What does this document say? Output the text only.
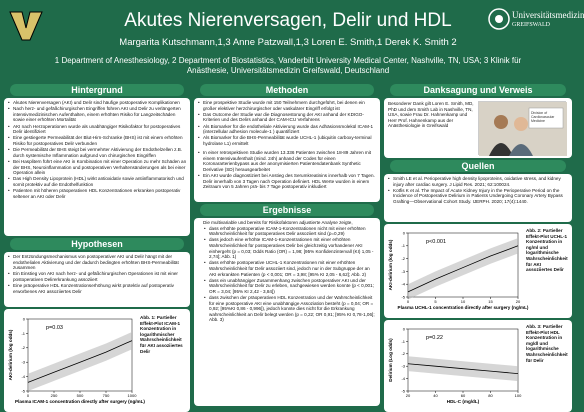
Akutes Nierenversagen, Delir und HDL
Margarita Kutschmann,1,3 Anne Patzwall,1,3 Loren E. Smith,1 Derek K. Smith 2
1 Department of Anesthesiology, 2 Department of Biostatistics, Vanderbilt University Medical Center, Nashville, TN, USA; 3 Klinik für
Anästhesie, Universitätsmedizin Greifswald, Deutschland
Universitätsmedizin
GREIFSWALD
Hintergrund
• Akutes Nierenversagen (AKI) und Delir sind häufige postoperative Komplikationen
• Nach herz- und gefäßchirurgischen Eingriffen führen AKI und Delir zu verlängerten intensivmedizinischen Aufenthalten, einem erhöhten Risiko für Langzeitschäden sowie einer erhöhten Mortalität
• AKI nach Herzoperationen wurde als unabhängiger Risikofaktor für postoperatives Delir identifiziert
• Eine gestiegerte Permeabilität der Blut-Hirn-Schranke (BHS) ist mit einem erhöhten Risiko für postoperatives Delir verbunden
• Die Permeabilität der BHS steigt bei vermehrter Aktivierung der Endothelzellen z.B. durch systemische Inflammation aufgrund von chirurgischen Eingriffen
• Bei Hasplitern führt eine AKI in Kombination mit einer Operation zu mehr Schäden an der BHS, Neuroinflammation und postoperativen Verhaltensänderungen als bei einer Operation allein
• Das High Density Lipoprotein (HDL) wirkt antioxidativ sowie antiinflammatorisch und somit protektiv auf die Endothelfunktion
• Patienten mit höheren präoperativen HDL Konzentrationen erkranken postoperativ seltener an AKI oder Delir
Hypothesen
• Der Entzündungsmechanismus von postoperativer AKI und Delir hängt mit der endothelialen Aktivierung und der dadurch bedingten erhöhten BHS-Permeabilität zusammen
• Ein Einstieg von AKI nach herz- und gefäßchirurgischen Operationen ist mit einer postoperativen Delirerkrankung assoziiert
• Eine präoperative HDL Konzentrationserhöhung wirkt protektiv auf postoperativ erworbenes AKI assoziiertes Delir
0	250	500	750	1000
0
-1
-2
-3
-4
-5
p=0.03
Plasma ICAM-1 concentration directly after surgery (ng/mL)
AKI-delirium (log odds)
Abb. 1: Partieller Effekt-Plot ICAM-1 Konzentration in logarithmischer Wahrscheinlichkeit für AKI assoziiertes Delir
Methoden
• Eine prospektive Studie wurde mit 150 Teilnehmern durchgeführt, bei denen ein großer elektiver herzchirurgischer oder vaskulärer Eingriff erfolgt ist
• Das Outcome der Studie war die Diagnosestorung der AKI anhand der KDIGO-Kriterien und des Delirs anhand der CAM-ICU Verfahrens
• Als Biomarker für die endotheliale Aktivierung wurde das Adhäsionsmolekül ICAM-1 (interzellular adhesion molecule-1 ) quantifiziert
• Als Biomarker für die BHS-Permeabilität wurde UCHL-1 (ubiquitin carboxy-terminal hydrolase L1) ermittelt
• In einer retrospektiven Studie wurden 13.336 Patienten zwischen 18-89 Jahren mit einem Intensivaufenthalt (mind. 24h) anhand der Codes für einen Koronararterienbypass aus der anonymisierten Patientendatenbank Synthetic Derivative (SD) herausgearbeitet
• Ein AKI wurde diagnostiziert bei Anstieg des Serumkreatinins innerhalb von 7 Tagen. Delir innerhalb von 3 Tagen nach Operation definiert. HDL Werte wurden in einem Zeitraum von 5 Jahren prä- bis 7 Tage postoperativ inkludiert
Ergebnisse
Die multivariable und bereits für Risikofaktoren adjustierte Analyse zeigte,
• dass erhöhte postoperative ICAM-1-Konzentrationen nicht mit einer erhöhten Wahrscheinlichkeit für postoperatives Delir assoziiert sind (p=0,29)
• dass jedoch eine erhöhte ICAM-1-Konzentrationen mit einer erhöhten Wahrscheinlichkeit für postoperatives Delir bei gleichzeitig vorhandener AKI einhergeht (p = 0,03; Odds Ratio (OR) = 1,98; [95% Konfidenzintervall (KI) 1,05 - 2,74]; Abb. 1)
• dass erhöhte postoperative UCHL-1 Konzentrationen mit einer erhöhten Wahrscheinlichkeit für Delir assoziiert sind, jedoch nur in der Subgruppe der an AKI erkrankten Patienten (p < 0,001; OR = 3,98; [95% KI 2,05 - 6,62]; Abb. 2)
• dass ein unabhängiger Zusammenhang zwischen postoperativer AKI und der Wahrscheinlichkeit für Delir zu erleben, nachgewiesen werden konnte (p < 0,001; OR = 3,04; [95% KI 2,42 - 3,84])
• dass zwischen der präoperativen HDL Konzentration und der Wahrscheinlichkeit für eine postoperative AKI eine unabhängige Assoziation besteht (p = 0,04; OR = 0,92; [95%KI 0,86 - 0,996]), jedoch konnte dies nicht für die Erkrankung wahrscheinlichkeit an Delir belegt werden (p = 0,22; OR 0,91; [95% KI 0,78-1,06]; Abb. 3)
Danksagung und Verweis
Besonderer Dank gilt Loren E. Smith, MD, PhD und dem Smith Lab in Nashville, TN, USA, sowie Frau Dr. Hahnenkamp und Herr Prof. Hahnenkamp aus der Anästhesiologie in Greifswald
Division of Cardiovascular Medicine
Quellen
• Smith LE et al. Perioperative high density lipoproteins, oxidative stress, and kidney injury after cardiac surgery. J Lipid Res. 2021; 62:100024.
• Kotfis K et al. The Impact of Acute Kidney Injury in the Perioperative Period on the Incidence of Postoperative Delirium in Patients Undergoing Coronary Artery Bypass Grafting—Observational Cohort Study. IJERPH. 2020; 17(4):1440.
0	5	10	15	20
0
-1
-2
-3
-4
-5
p<0.001
Plasma UCHL-1 concentration directly after surgery (ng/mL)
AKI-delirium (log odds)
Abb. 2: Partieller Effekt-Plot UCHL-1 Konzentration in ng/ml und logarithmische Wahrscheinlichkeit für AKI assoziiertes Delir
20	40	60	80	100
0
-1
-2
-3
-4
-5
p=0.22
HDL-C (mg/dL)
Delirium (Log odds)
Abb. 3: Partieller Effekt-Plot HDL Konzentration in mg/dl und logarithmische Wahrscheinlichkeit für Delir
